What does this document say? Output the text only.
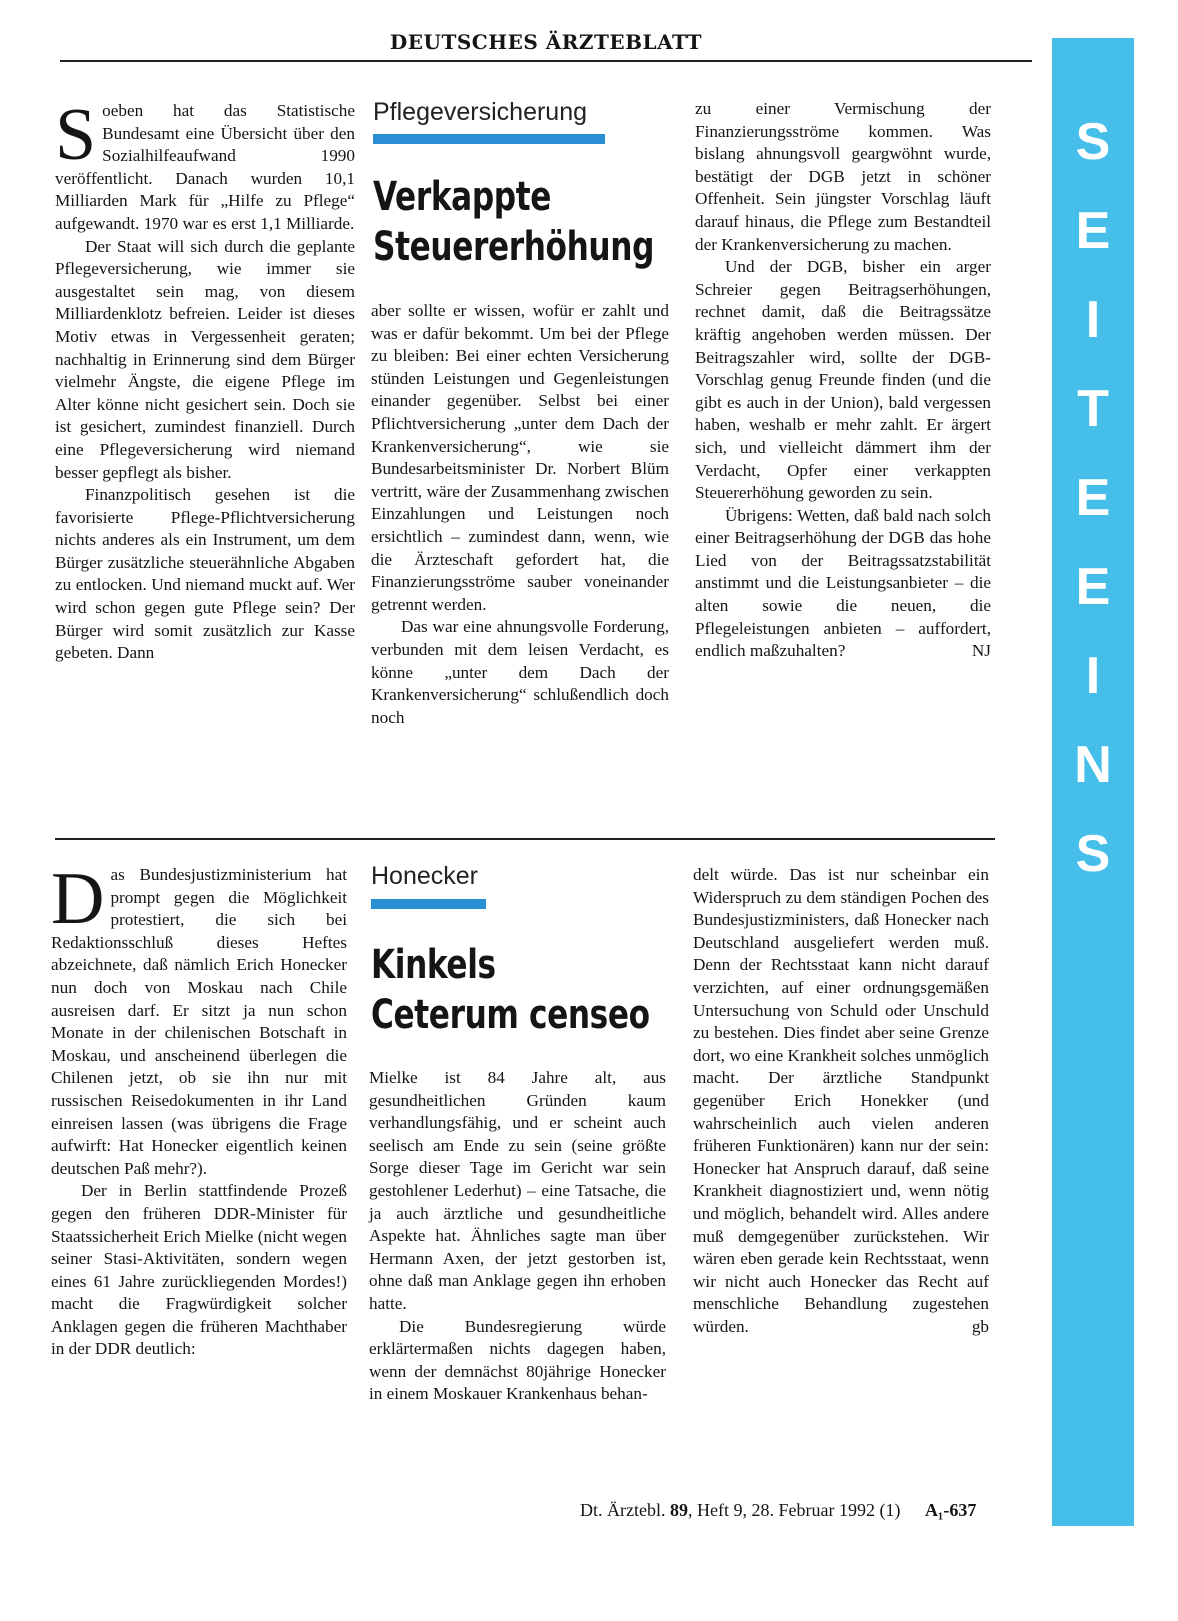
DEUTSCHES ÄRZTEBLATT
S
E
I
T
E
E
I
N
S

Soeben hat das Statistische Bundesamt eine Übersicht über den Sozialhilfeaufwand 1990 veröffentlicht. Danach wurden 10,1 Milliarden Mark für „Hilfe zu Pflege“ aufgewandt. 1970 war es erst 1,1 Milliarde.

Der Staat will sich durch die geplante Pflegeversicherung, wie immer sie ausgestaltet sein mag, von diesem Milliardenklotz befreien. Leider ist dieses Motiv etwas in Vergessenheit geraten; nachhaltig in Erinnerung sind dem Bürger vielmehr Ängste, die eigene Pflege im Alter könne nicht gesichert sein. Doch sie ist gesichert, zumindest finanziell. Durch eine Pflegeversicherung wird niemand besser gepflegt als bisher.

Finanzpolitisch gesehen ist die favorisierte Pflege-Pflichtversicherung nichts anderes als ein Instrument, um dem Bürger zusätzliche steuerähnliche Abgaben zu entlocken. Und niemand muckt auf. Wer wird schon gegen gute Pflege sein? Der Bürger wird somit zusätzlich zur Kasse gebeten. Dann

Pflegeversicherung
Verkappte
Steuererhöhung

aber sollte er wissen, wofür er zahlt und was er dafür bekommt. Um bei der Pflege zu bleiben: Bei einer echten Versicherung stünden Leistungen und Gegenleistungen einander gegenüber. Selbst bei einer Pflichtversicherung „unter dem Dach der Krankenversicherung“, wie sie Bundesarbeitsminister Dr. Norbert Blüm vertritt, wäre der Zusammenhang zwischen Einzahlungen und Leistungen noch ersichtlich – zumindest dann, wenn, wie die Ärzteschaft gefordert hat, die Finanzierungsströme sauber voneinander getrennt werden.

Das war eine ahnungsvolle Forderung, verbunden mit dem leisen Verdacht, es könne „unter dem Dach der Krankenversicherung“ schlußendlich doch noch

zu einer Vermischung der Finanzierungsströme kommen. Was bislang ahnungsvoll geargwöhnt wurde, bestätigt der DGB jetzt in schöner Offenheit. Sein jüngster Vorschlag läuft darauf hinaus, die Pflege zum Bestandteil der Krankenversicherung zu machen.

Und der DGB, bisher ein arger Schreier gegen Beitragserhöhungen, rechnet damit, daß die Beitragssätze kräftig angehoben werden müssen. Der Beitragszahler wird, sollte der DGB-Vorschlag genug Freunde finden (und die gibt es auch in der Union), bald vergessen haben, weshalb er mehr zahlt. Er ärgert sich, und vielleicht dämmert ihm der Verdacht, Opfer einer verkappten Steuererhöhung geworden zu sein.

Übrigens: Wetten, daß bald nach solch einer Beitragserhöhung der DGB das hohe Lied von der Beitragssatzstabilität anstimmt und die Leistungsanbieter – die alten sowie die neuen, die Pflegeleistungen anbieten – auffordert, endlich maßzuhalten?	NJ

Das Bundesjustizministerium hat prompt gegen die Möglichkeit protestiert, die sich bei Redaktionsschluß dieses Heftes abzeichnete, daß nämlich Erich Honecker nun doch von Moskau nach Chile ausreisen darf. Er sitzt ja nun schon Monate in der chilenischen Botschaft in Moskau, und anscheinend überlegen die Chilenen jetzt, ob sie ihn nur mit russischen Reisedokumenten in ihr Land einreisen lassen (was übrigens die Frage aufwirft: Hat Honecker eigentlich keinen deutschen Paß mehr?).

Der in Berlin stattfindende Prozeß gegen den früheren DDR-Minister für Staatssicherheit Erich Mielke (nicht wegen seiner Stasi-Aktivitäten, sondern wegen eines 61 Jahre zurückliegenden Mordes!) macht die Fragwürdigkeit solcher Anklagen gegen die früheren Machthaber in der DDR deutlich:

Honecker
Kinkels
Ceterum censeo

Mielke ist 84 Jahre alt, aus gesundheitlichen Gründen kaum verhandlungsfähig, und er scheint auch seelisch am Ende zu sein (seine größte Sorge dieser Tage im Gericht war sein gestohlener Lederhut) – eine Tatsache, die ja auch ärztliche und gesundheitliche Aspekte hat. Ähnliches sagte man über Hermann Axen, der jetzt gestorben ist, ohne daß man Anklage gegen ihn erhoben hatte.

Die Bundesregierung würde erklärtermaßen nichts dagegen haben, wenn der demnächst 80jährige Honecker in einem Moskauer Krankenhaus behan-

delt würde. Das ist nur scheinbar ein Widerspruch zu dem ständigen Pochen des Bundesjustizministers, daß Honecker nach Deutschland ausgeliefert werden muß. Denn der Rechtsstaat kann nicht darauf verzichten, auf einer ordnungsgemäßen Untersuchung von Schuld oder Unschuld zu bestehen. Dies findet aber seine Grenze dort, wo eine Krankheit solches unmöglich macht. Der ärztliche Standpunkt gegenüber Erich Honekker (und wahrscheinlich auch vielen anderen früheren Funktionären) kann nur der sein: Honecker hat Anspruch darauf, daß seine Krankheit diagnostiziert und, wenn nötig und möglich, behandelt wird. Alles andere muß demgegenüber zurückstehen. Wir wären eben gerade kein Rechtsstaat, wenn wir nicht auch Honecker das Recht auf menschliche Behandlung zugestehen würden.	gb

Dt. Ärztebl. 89, Heft 9, 28. Februar 1992 (1) A₁-637
